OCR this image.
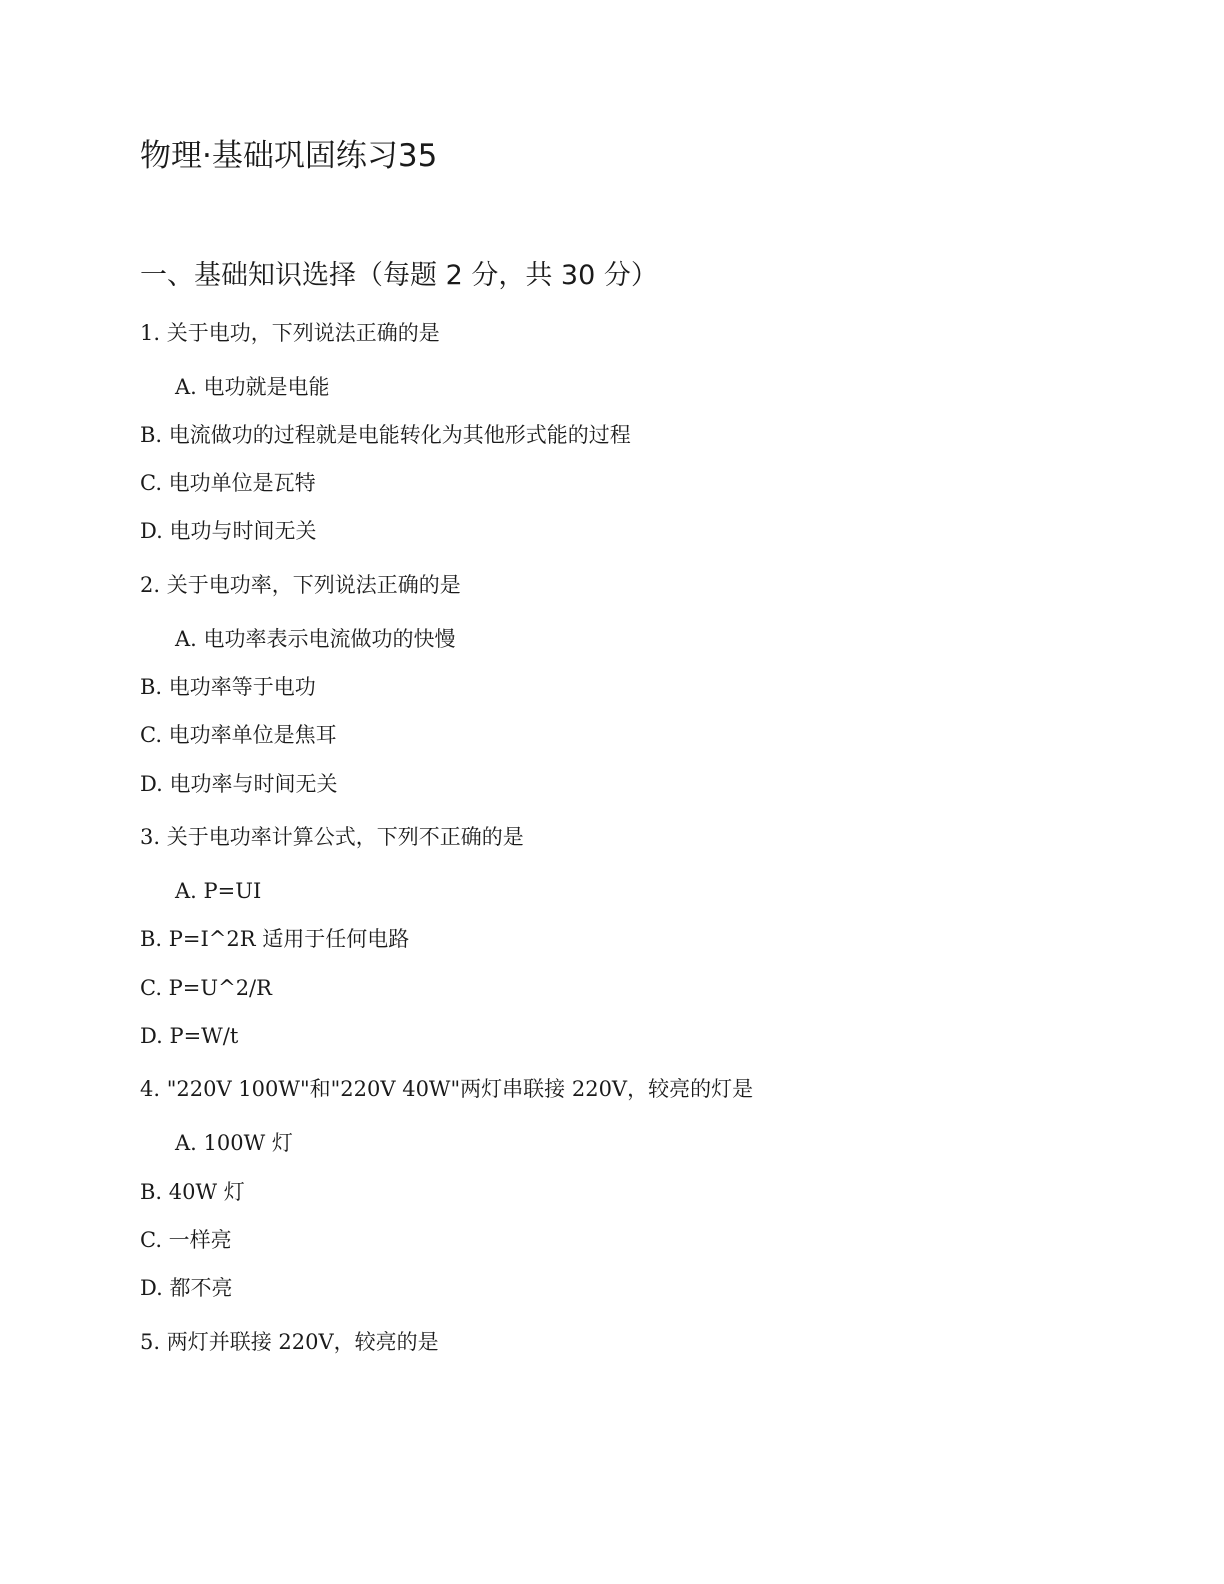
物理·基础巩固练习35
一、基础知识选择（每题 2 分，共 30 分）
1. 关于电功，下列说法正确的是
A. 电功就是电能
B. 电流做功的过程就是电能转化为其他形式能的过程
C. 电功单位是瓦特
D. 电功与时间无关
2. 关于电功率，下列说法正确的是
A. 电功率表示电流做功的快慢
B. 电功率等于电功
C. 电功率单位是焦耳
D. 电功率与时间无关
3. 关于电功率计算公式，下列不正确的是
A. P=UI
B. P=I^2R 适用于任何电路
C. P=U^2/R
D. P=W/t
4. "220V 100W"和"220V 40W"两灯串联接 220V，较亮的灯是
A. 100W 灯
B. 40W 灯
C. 一样亮
D. 都不亮
5. 两灯并联接 220V，较亮的是
